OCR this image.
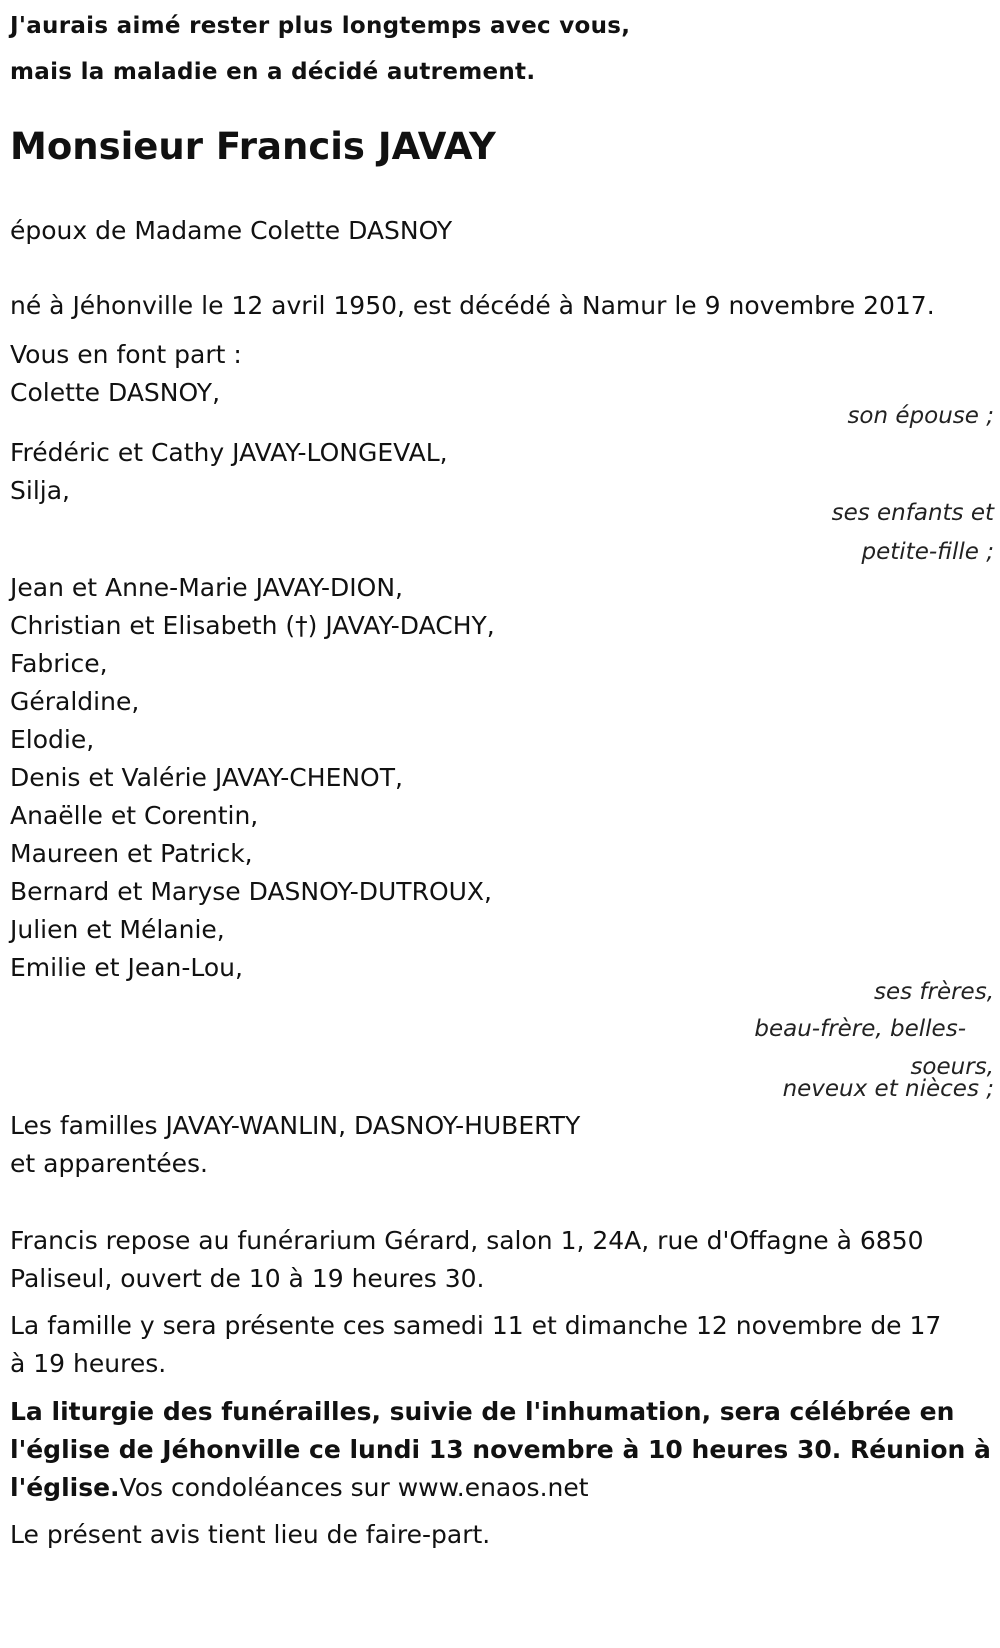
J'aurais aimé rester plus longtemps avec vous,
mais la maladie en a décidé autrement.
Monsieur Francis JAVAY
époux de Madame Colette DASNOY
né à Jéhonville le 12 avril 1950, est décédé à Namur le 9 novembre 2017.
Vous en font part :
Colette DASNOY,
son épouse ;
Frédéric et Cathy JAVAY-LONGEVAL,
Silja,
ses enfants et
petite-fille ;
Jean et Anne-Marie JAVAY-DION,
Christian et Elisabeth (†) JAVAY-DACHY,
Fabrice,
Géraldine,
Elodie,
Denis et Valérie JAVAY-CHENOT,
Anaëlle et Corentin,
Maureen et Patrick,
Bernard et Maryse DASNOY-DUTROUX,
Julien et Mélanie,
Emilie et Jean-Lou,
ses frères,
beau-frère, belles-
soeurs,
neveux et nièces ;
Les familles JAVAY-WANLIN, DASNOY-HUBERTY
et apparentées.
Francis repose au funérarium Gérard, salon 1, 24A, rue d'Offagne à 6850
Paliseul, ouvert de 10 à 19 heures 30.
La famille y sera présente ces samedi 11 et dimanche 12 novembre de 17
à 19 heures.
La liturgie des funérailles, suivie de l'inhumation, sera célébrée en
l'église de Jéhonville ce lundi 13 novembre à 10 heures 30. Réunion à
l'église.Vos condoléances sur www.enaos.net
Le présent avis tient lieu de faire-part.
